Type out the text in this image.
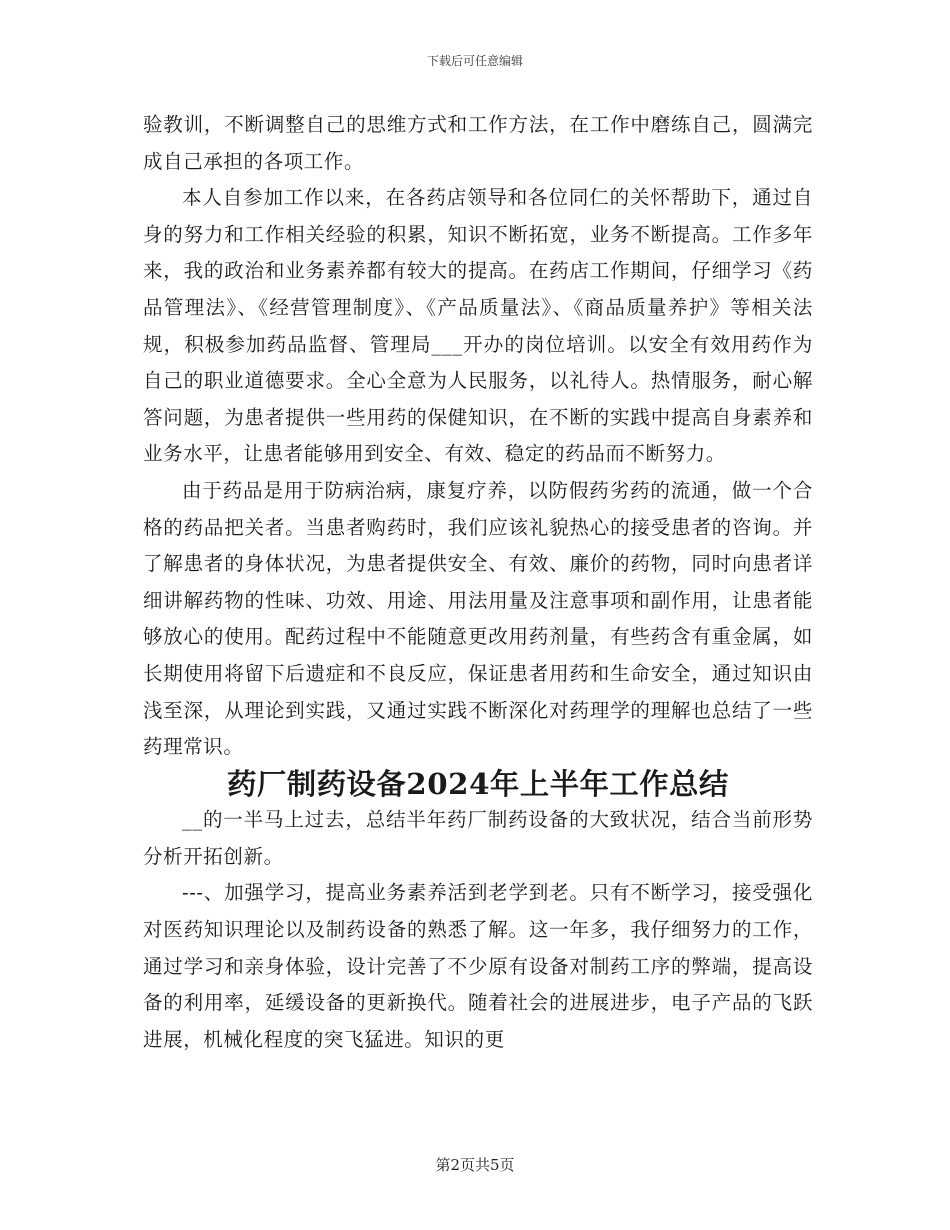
下载后可任意编辑

验教训，不断调整自己的思维方式和工作方法，在工作中磨练自己，圆满完成自己承担的各项工作。

本人自参加工作以来，在各药店领导和各位同仁的关怀帮助下，通过自身的努力和工作相关经验的积累，知识不断拓宽，业务不断提高。工作多年来，我的政治和业务素养都有较大的提高。在药店工作期间，仔细学习《药品管理法》、《经营管理制度》、《产品质量法》、《商品质量养护》等相关法规，积极参加药品监督、管理局___开办的岗位培训。以安全有效用药作为自己的职业道德要求。全心全意为人民服务，以礼待人。热情服务，耐心解答问题，为患者提供一些用药的保健知识，在不断的实践中提高自身素养和业务水平，让患者能够用到安全、有效、稳定的药品而不断努力。

由于药品是用于防病治病，康复疗养，以防假药劣药的流通，做一个合格的药品把关者。当患者购药时，我们应该礼貌热心的接受患者的咨询。并了解患者的身体状况，为患者提供安全、有效、廉价的药物，同时向患者详细讲解药物的性味、功效、用途、用法用量及注意事项和副作用，让患者能够放心的使用。配药过程中不能随意更改用药剂量，有些药含有重金属，如长期使用将留下后遗症和不良反应，保证患者用药和生命安全，通过知识由浅至深，从理论到实践，又通过实践不断深化对药理学的理解也总结了一些药理常识。

药厂制药设备2024年上半年工作总结

__的一半马上过去，总结半年药厂制药设备的大致状况，结合当前形势分析开拓创新。

---、加强学习，提高业务素养活到老学到老。只有不断学习，接受强化对医药知识理论以及制药设备的熟悉了解。这一年多，我仔细努力的工作，通过学习和亲身体验，设计完善了不少原有设备对制药工序的弊端，提高设备的利用率，延缓设备的更新换代。随着社会的进展进步，电子产品的飞跃进展，机械化程度的突飞猛进。知识的更

第2页共5页
